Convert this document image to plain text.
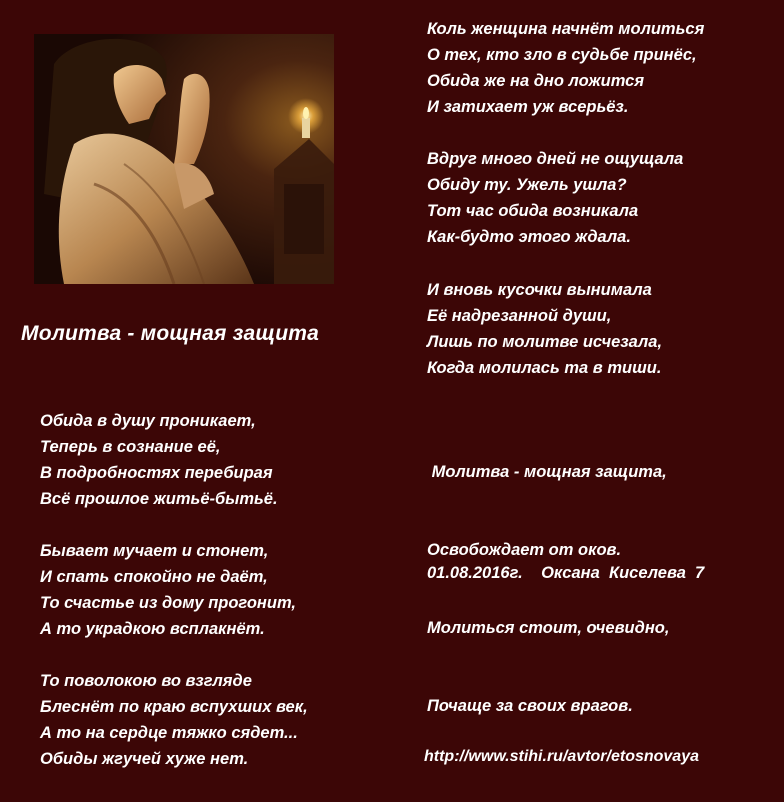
Молитва - мощная защита
Обида в душу проникает,
Теперь в сознание её,
В подробностях перебирая
Всё прошлое житьё-бытьё.
Бывает мучает и стонет,
И спать спокойно не даёт,
То счастье из дому прогонит,
А то украдкою всплакнёт.
То поволокою во взгляде
Блеснёт по краю вспухших век,
А то на сердце тяжко сядет...
Обиды жгучей хуже нет.
Коль женщина начнёт молиться
О тех, кто зло в судьбе принёс,
Обида же на дно ложится
И затихает уж всерьёз.
Вдруг много дней не ощущала
Обиду ту. Ужель ушла?
Тот час обида возникала
Как-будто этого ждала.
И вновь кусочки вынимала
Её надрезанной души,
Лишь по молитве исчезала,
Когда молилась та в тиши.

Молитва - мощная защита,

Освобождает от оков.

Молиться стоит, очевидно,

Почаще за своих врагов.

01.08.2016г.    Оксана  Киселева  7
http://www.stihi.ru/avtor/etosnovaya
